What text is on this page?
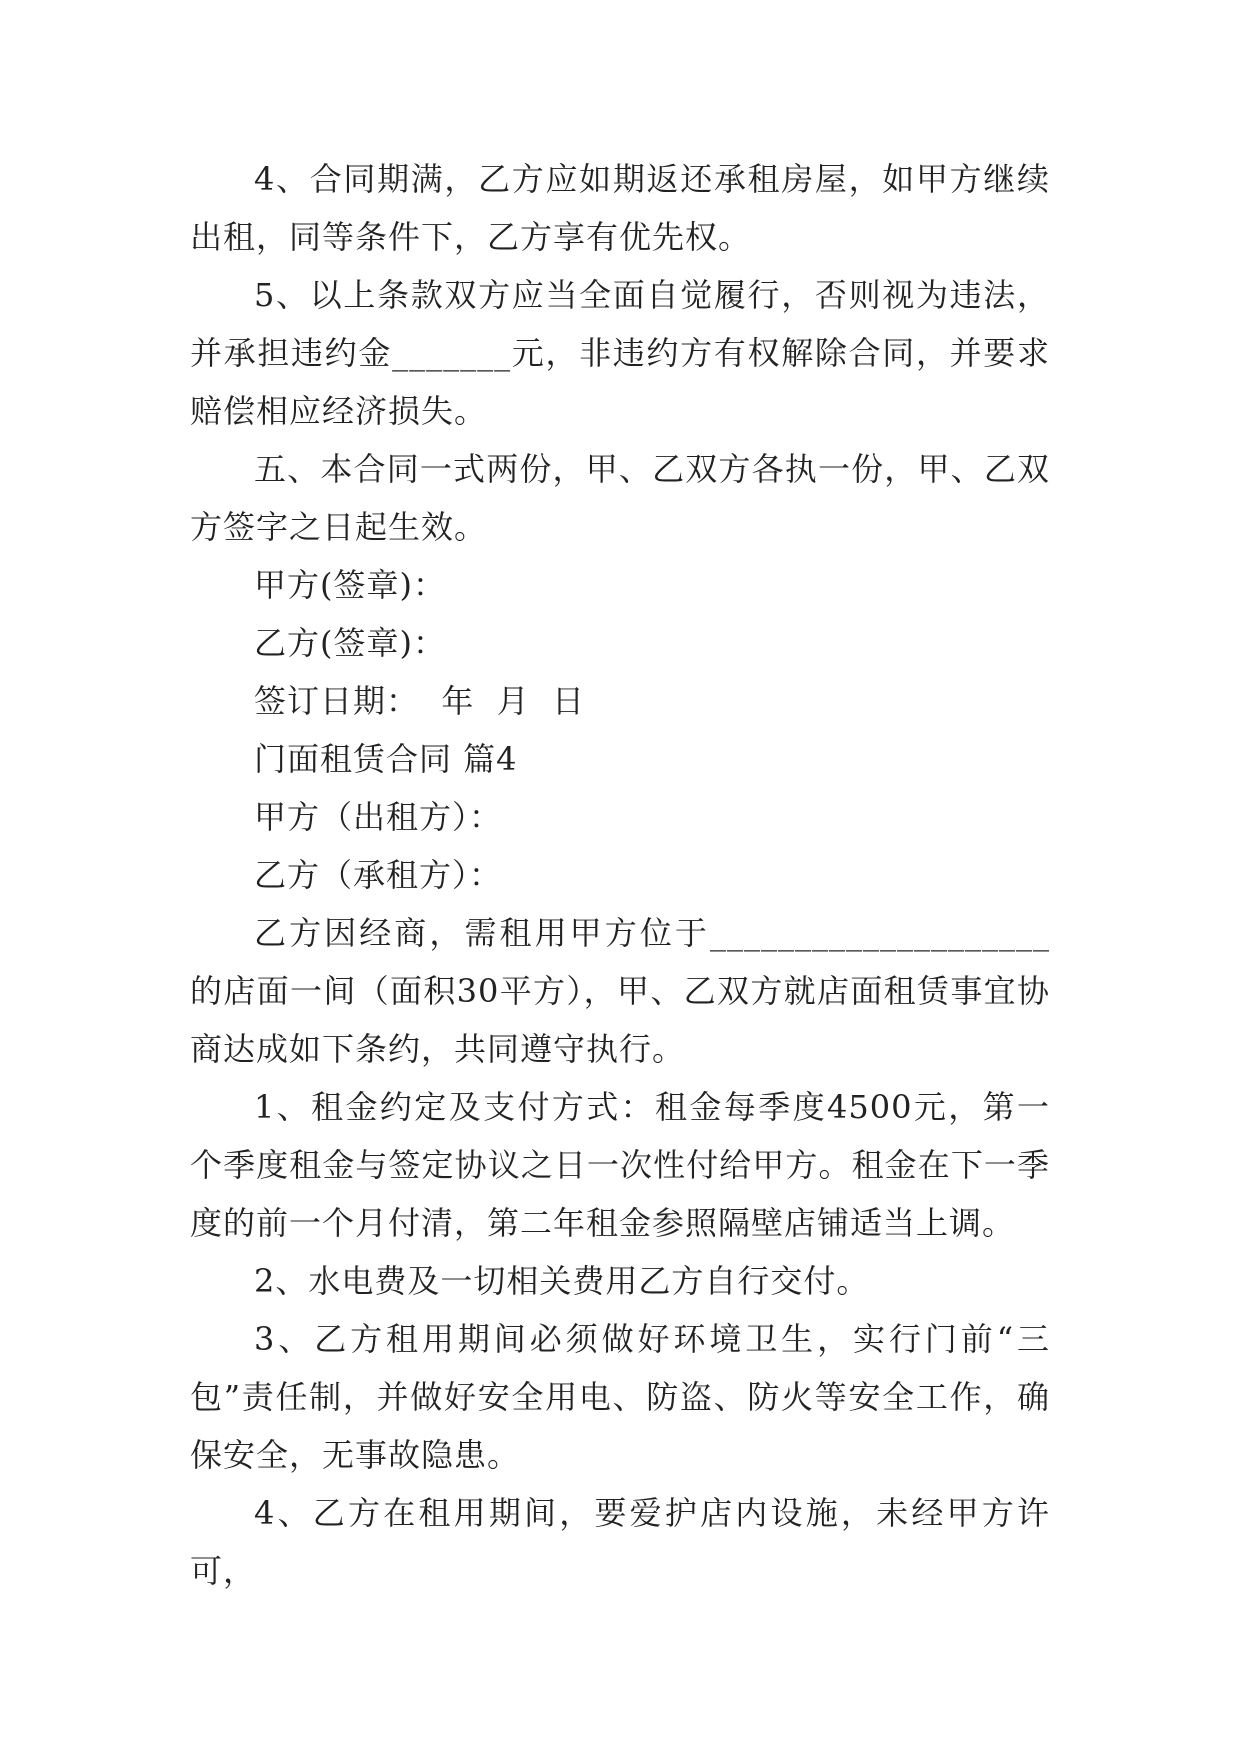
4、合同期满，乙方应如期返还承租房屋，如甲方继续出租，同等条件下，乙方享有优先权。

5、以上条款双方应当全面自觉履行，否则视为违法，并承担违约金_______元，非违约方有权解除合同，并要求赔偿相应经济损失。

五、本合同一式两份，甲、乙双方各执一份，甲、乙双方签字之日起生效。

甲方(签章)：

乙方(签章)：

签订日期：  年  月  日

门面租赁合同 篇4

甲方（出租方）：

乙方（承租方）：

乙方因经商，需租用甲方位于____________________的店面一间（面积30平方），甲、乙双方就店面租赁事宜协商达成如下条约，共同遵守执行。

1、租金约定及支付方式：租金每季度4500元，第一个季度租金与签定协议之日一次性付给甲方。租金在下一季度的前一个月付清，第二年租金参照隔壁店铺适当上调。

2、水电费及一切相关费用乙方自行交付。

3、乙方租用期间必须做好环境卫生，实行门前“三包”责任制，并做好安全用电、防盗、防火等安全工作，确保安全，无事故隐患。

4、乙方在租用期间，要爱护店内设施，未经甲方许可，
